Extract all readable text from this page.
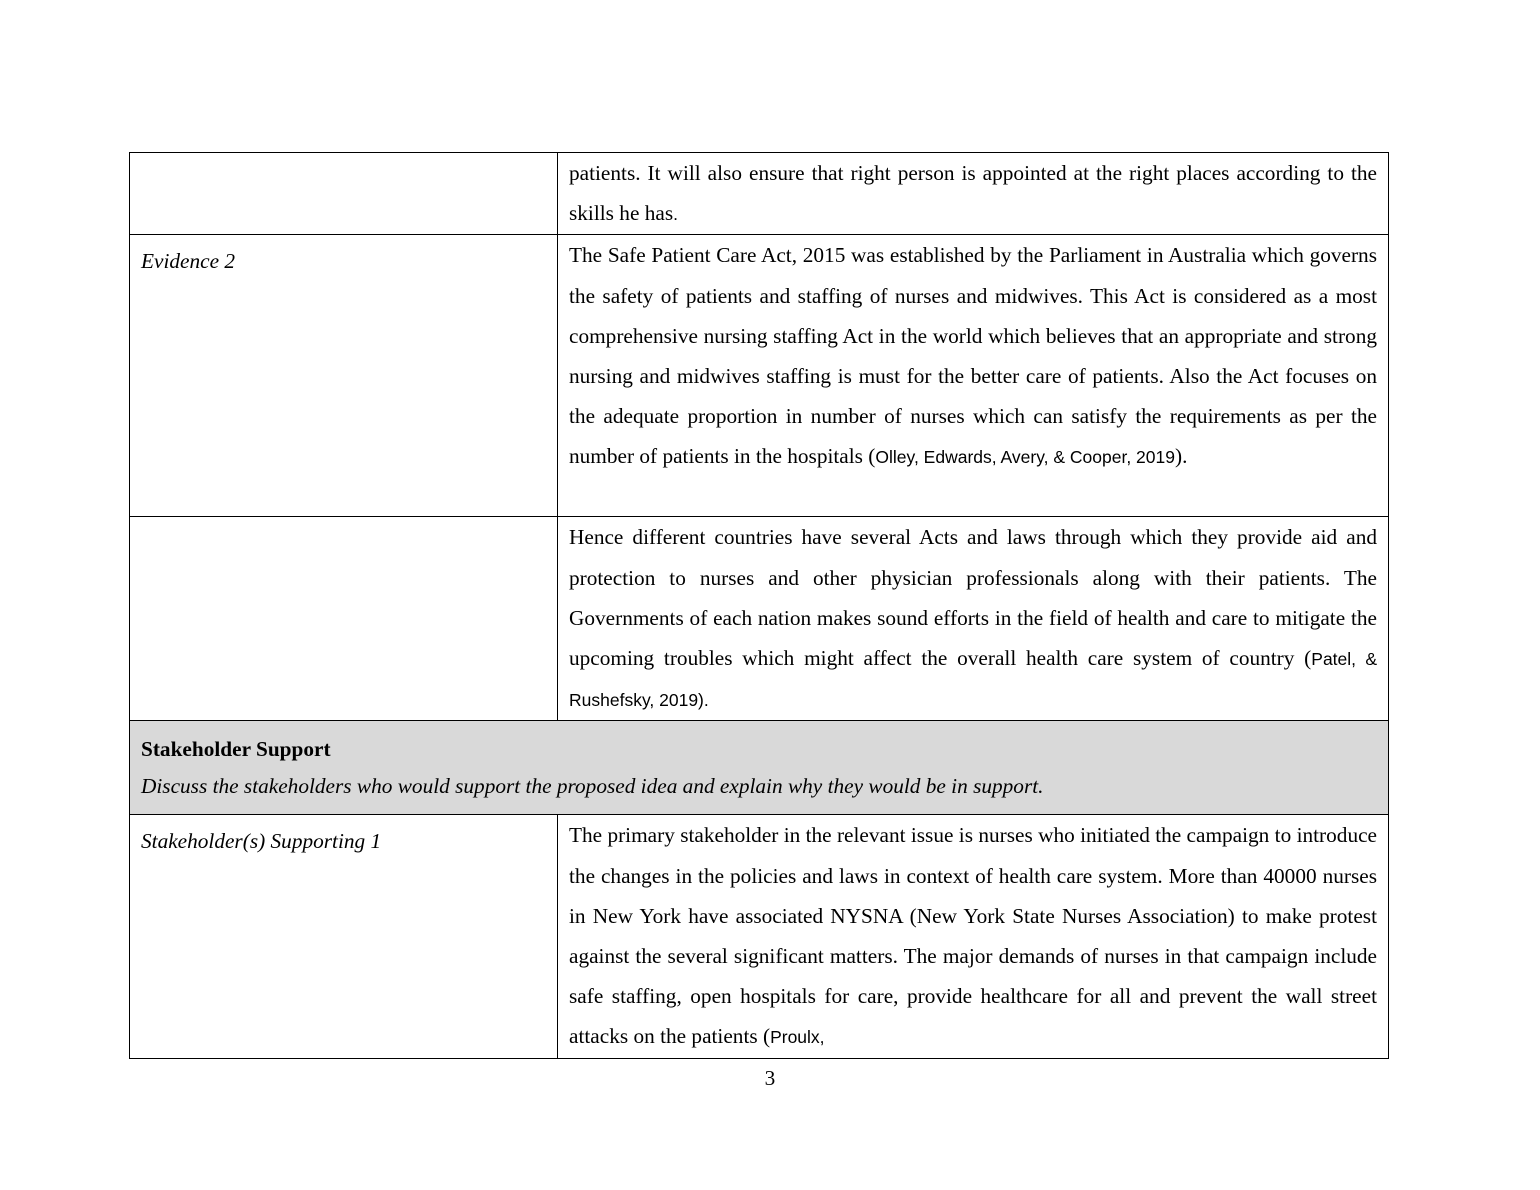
	patients. It will also ensure that right person is appointed at the right places according to the skills he has.

Evidence 2	The Safe Patient Care Act, 2015 was established by the Parliament in Australia which governs the safety of patients and staffing of nurses and midwives. This Act is considered as a most comprehensive nursing staffing Act in the world which believes that an appropriate and strong nursing and midwives staffing is must for the better care of patients. Also the Act focuses on the adequate proportion in number of nurses which can satisfy the requirements as per the number of patients in the hospitals (Olley, Edwards, Avery, & Cooper, 2019).
	Hence different countries have several Acts and laws through which they provide aid and protection to nurses and other physician professionals along with their patients. The Governments of each nation makes sound efforts in the field of health and care to mitigate the upcoming troubles which might affect the overall health care system of country (Patel, & Rushefsky, 2019).

Stakeholder Support
Discuss the stakeholders who would support the proposed idea and explain why they would be in support.	

Stakeholder(s) Supporting 1	The primary stakeholder in the relevant issue is nurses who initiated the campaign to introduce the changes in the policies and laws in context of health care system. More than 40000 nurses in New York have associated NYSNA (New York State Nurses Association) to make protest against the several significant matters. The major demands of nurses in that campaign include safe staffing, open hospitals for care, provide healthcare for all and prevent the wall street attacks on the patients (Proulx,
3
